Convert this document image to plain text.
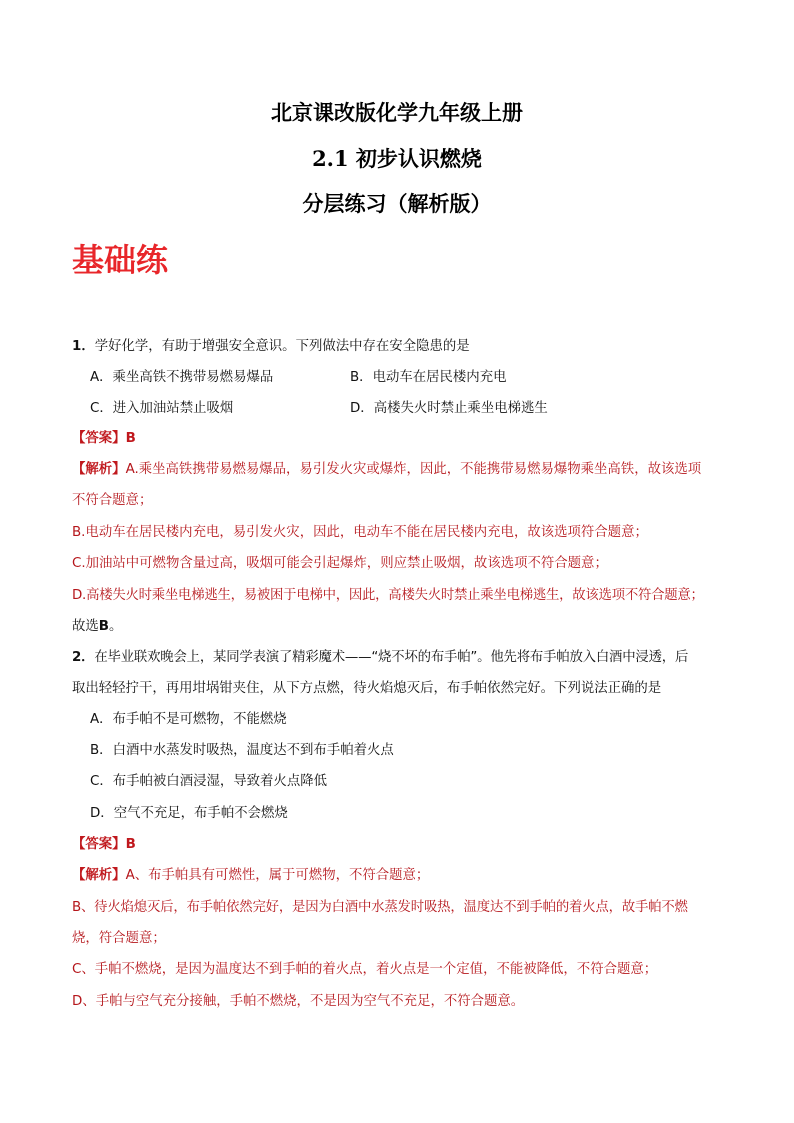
北京课改版化学九年级上册
2.1 初步认识燃烧
分层练习（解析版）
基础练
1．学好化学，有助于增强安全意识。下列做法中存在安全隐患的是
A．乘坐高铁不携带易燃易爆品	B．电动车在居民楼内充电
C．进入加油站禁止吸烟	D．高楼失火时禁止乘坐电梯逃生
【答案】B
【解析】A.乘坐高铁携带易燃易爆品，易引发火灾或爆炸，因此，不能携带易燃易爆物乘坐高铁，故该选项
不符合题意；
B.电动车在居民楼内充电，易引发火灾，因此，电动车不能在居民楼内充电，故该选项符合题意；
C.加油站中可燃物含量过高，吸烟可能会引起爆炸，则应禁止吸烟，故该选项不符合题意；
D.高楼失火时乘坐电梯逃生，易被困于电梯中，因此，高楼失火时禁止乘坐电梯逃生，故该选项不符合题意；
故选B。
2．在毕业联欢晚会上，某同学表演了精彩魔术——“烧不坏的布手帕”。他先将布手帕放入白酒中浸透，后
取出轻轻拧干，再用坩埚钳夹住，从下方点燃，待火焰熄灭后，布手帕依然完好。下列说法正确的是
A．布手帕不是可燃物，不能燃烧
B．白酒中水蒸发时吸热，温度达不到布手帕着火点
C．布手帕被白酒浸湿，导致着火点降低
D．空气不充足，布手帕不会燃烧
【答案】B
【解析】A、布手帕具有可燃性，属于可燃物，不符合题意；
B、待火焰熄灭后，布手帕依然完好，是因为白酒中水蒸发时吸热，温度达不到手帕的着火点，故手帕不燃
烧，符合题意；
C、手帕不燃烧，是因为温度达不到手帕的着火点，着火点是一个定值，不能被降低，不符合题意；
D、手帕与空气充分接触，手帕不燃烧，不是因为空气不充足，不符合题意。
